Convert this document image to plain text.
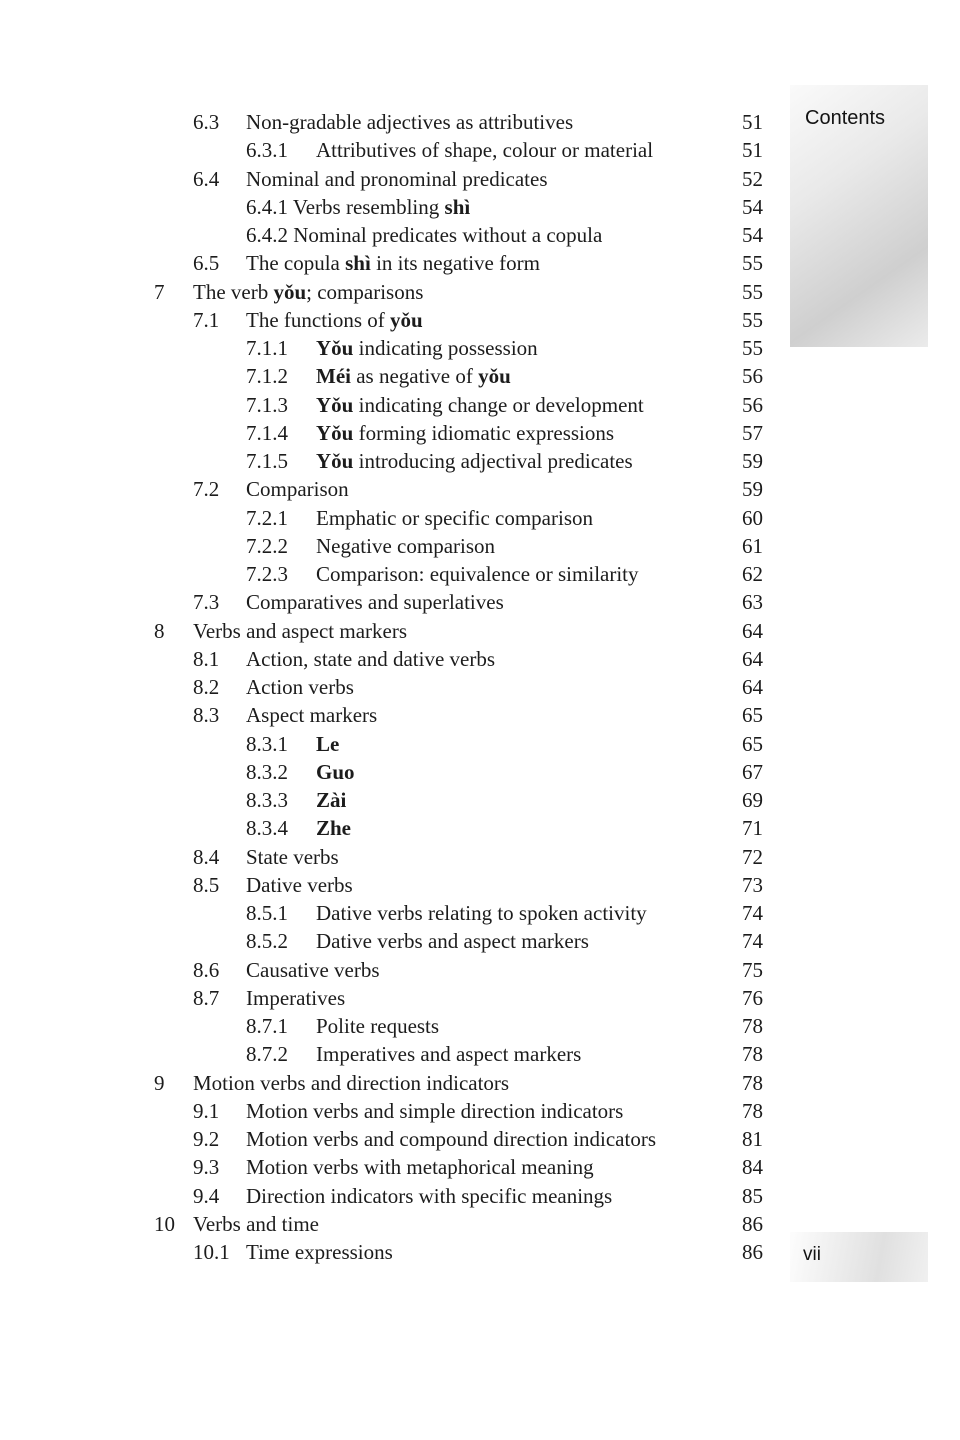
Contents
vii
6.3 Non-gradable adjectives as attributives	51
6.3.1 Attributives of shape, colour or material	51
6.4 Nominal and pronominal predicates	52
6.4.1 Verbs resembling shì	54
6.4.2 Nominal predicates without a copula	54
6.5 The copula shì in its negative form	55
7 The verb yǒu; comparisons	55
7.1 The functions of yǒu	55
7.1.1 Yǒu indicating possession	55
7.1.2 Méi as negative of yǒu	56
7.1.3 Yǒu indicating change or development	56
7.1.4 Yǒu forming idiomatic expressions	57
7.1.5 Yǒu introducing adjectival predicates	59
7.2 Comparison	59
7.2.1 Emphatic or specific comparison	60
7.2.2 Negative comparison	61
7.2.3 Comparison: equivalence or similarity	62
7.3 Comparatives and superlatives	63
8 Verbs and aspect markers	64
8.1 Action, state and dative verbs	64
8.2 Action verbs	64
8.3 Aspect markers	65
8.3.1 Le	65
8.3.2 Guo	67
8.3.3 Zài	69
8.3.4 Zhe	71
8.4 State verbs	72
8.5 Dative verbs	73
8.5.1 Dative verbs relating to spoken activity	74
8.5.2 Dative verbs and aspect markers	74
8.6 Causative verbs	75
8.7 Imperatives	76
8.7.1 Polite requests	78
8.7.2 Imperatives and aspect markers	78
9 Motion verbs and direction indicators	78
9.1 Motion verbs and simple direction indicators	78
9.2 Motion verbs and compound direction indicators	81
9.3 Motion verbs with metaphorical meaning	84
9.4 Direction indicators with specific meanings	85
10 Verbs and time	86
10.1 Time expressions	86
